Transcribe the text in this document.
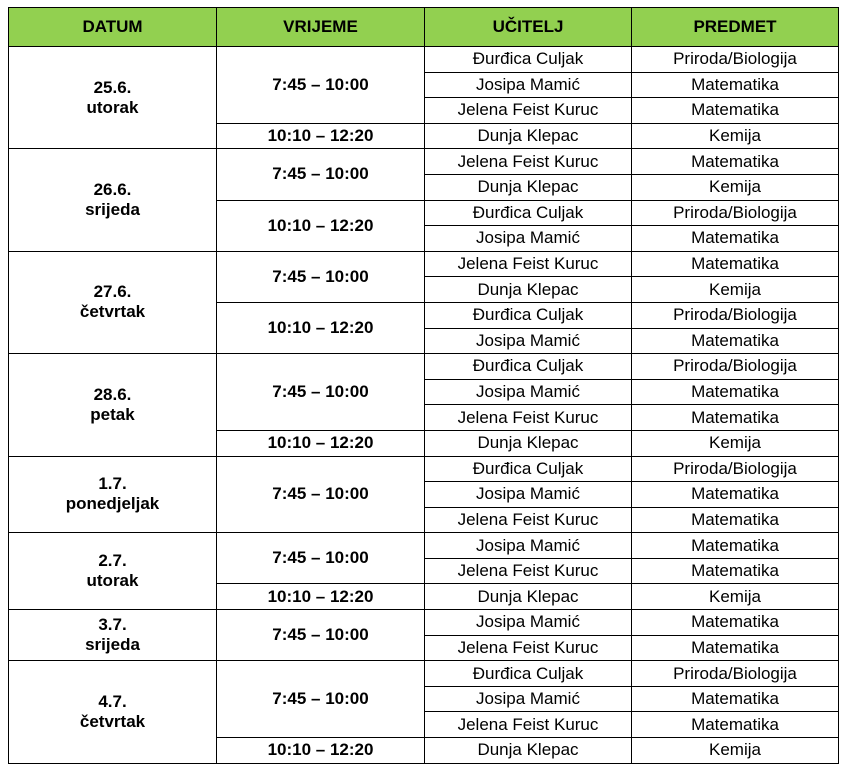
DATUM	VRIJEME	UČITELJ	PREDMET

25.6.
utorak	7:45 – 10:00	Đurđica Culjak	Priroda/Biologija
		Josipa Mamić	Matematika
		Jelena Feist Kuruc	Matematika
	10:10 – 12:20	Dunja Klepac	Kemija

26.6.
srijeda	7:45 – 10:00	Jelena Feist Kuruc	Matematika
		Dunja Klepac	Kemija
	10:10 – 12:20	Đurđica Culjak	Priroda/Biologija
		Josipa Mamić	Matematika

27.6.
četvrtak	7:45 – 10:00	Jelena Feist Kuruc	Matematika
		Dunja Klepac	Kemija
	10:10 – 12:20	Đurđica Culjak	Priroda/Biologija
		Josipa Mamić	Matematika

28.6.
petak	7:45 – 10:00	Đurđica Culjak	Priroda/Biologija
		Josipa Mamić	Matematika
		Jelena Feist Kuruc	Matematika
	10:10 – 12:20	Dunja Klepac	Kemija

1.7.
ponedjeljak	7:45 – 10:00	Đurđica Culjak	Priroda/Biologija
		Josipa Mamić	Matematika
		Jelena Feist Kuruc	Matematika

2.7.
utorak	7:45 – 10:00	Josipa Mamić	Matematika
		Jelena Feist Kuruc	Matematika
	10:10 – 12:20	Dunja Klepac	Kemija

3.7.
srijeda	7:45 – 10:00	Josipa Mamić	Matematika
		Jelena Feist Kuruc	Matematika

4.7.
četvrtak	7:45 – 10:00	Đurđica Culjak	Priroda/Biologija
		Josipa Mamić	Matematika
		Jelena Feist Kuruc	Matematika
	10:10 – 12:20	Dunja Klepac	Kemija
